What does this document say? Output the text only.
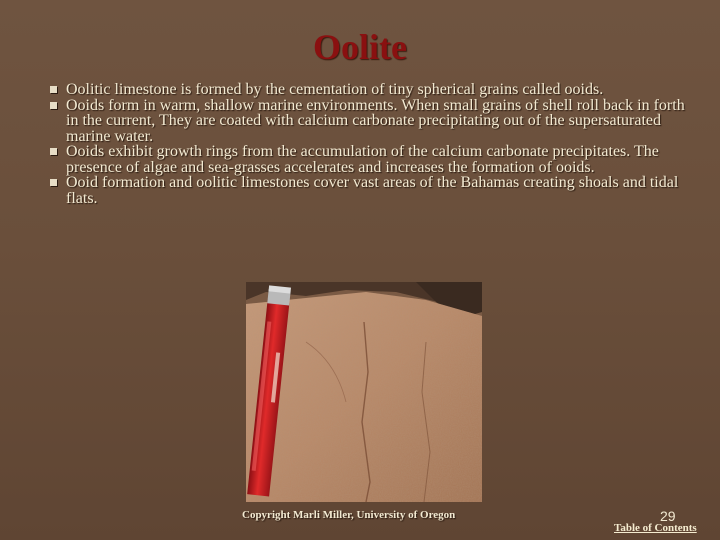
Oolite
Oolitic limestone is formed by the cementation of tiny spherical grains called ooids.
Ooids form in warm, shallow marine environments. When small grains of shell roll back in forth in the current, They are coated with calcium carbonate precipitating out of the supersaturated marine water.
Ooids exhibit growth rings from the accumulation of the calcium carbonate precipitates. The presence of algae and sea-grasses accelerates and increases the formation of ooids.
Ooid formation and oolitic limestones cover vast areas of the Bahamas creating shoals and tidal flats.
Copyright Marli Miller, University of Oregon	29
Table of Contents
